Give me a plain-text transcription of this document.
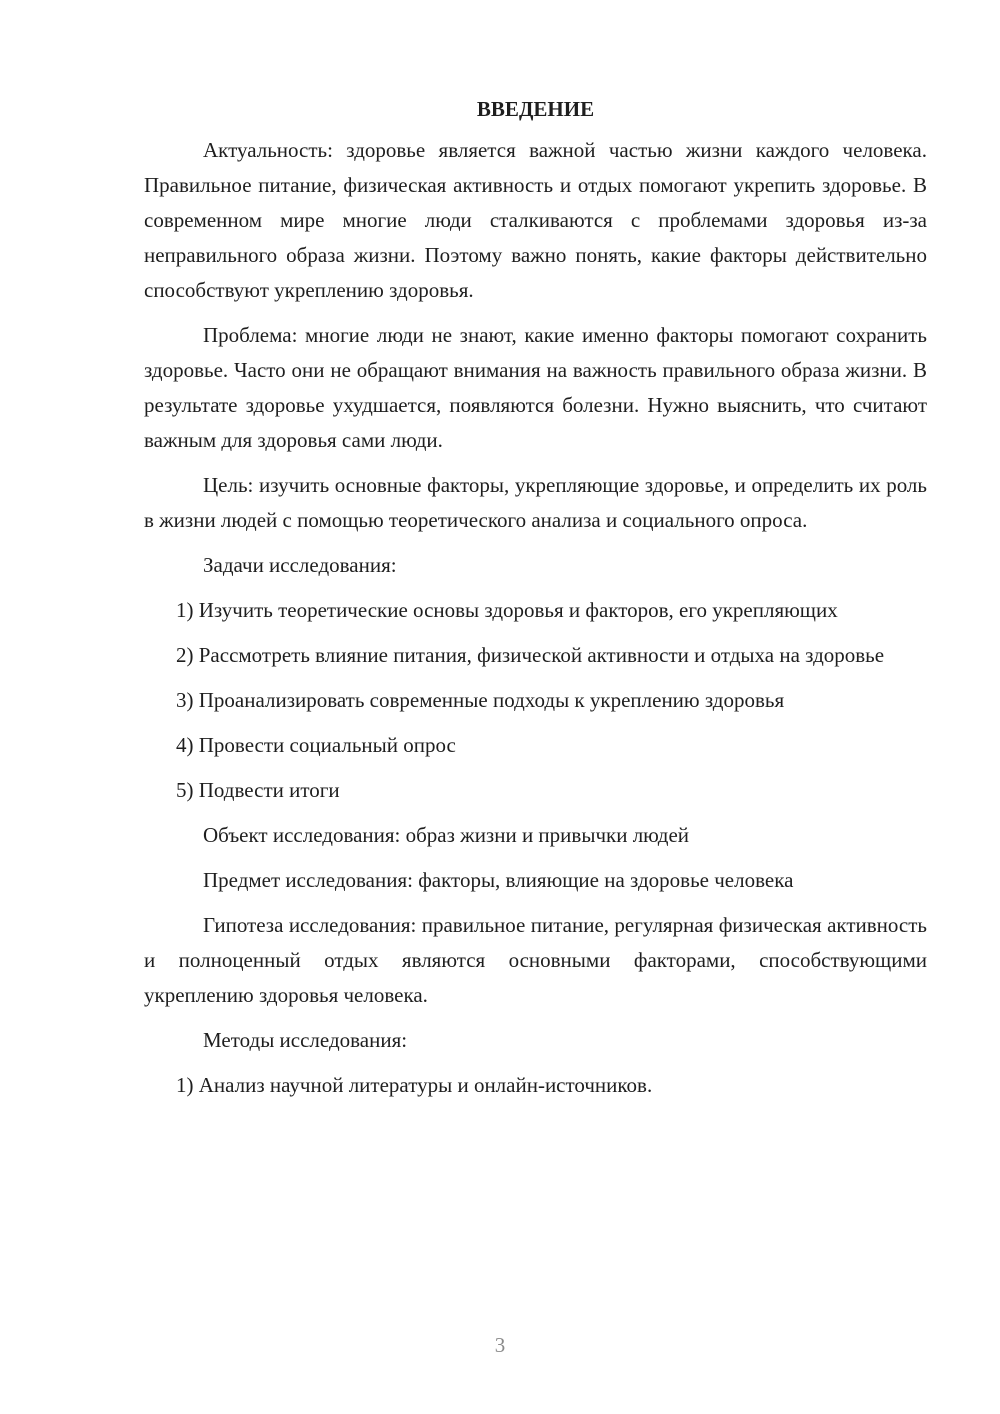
ВВЕДЕНИЕ

Актуальность: здоровье является важной частью жизни каждого человека. Правильное питание, физическая активность и отдых помогают укрепить здоровье. В современном мире многие люди сталкиваются с проблемами здоровья из-за неправильного образа жизни. Поэтому важно понять, какие факторы действительно способствуют укреплению здоровья.

Проблема: многие люди не знают, какие именно факторы помогают сохранить здоровье. Часто они не обращают внимания на важность правильного образа жизни. В результате здоровье ухудшается, появляются болезни. Нужно выяснить, что считают важным для здоровья сами люди.

Цель: изучить основные факторы, укрепляющие здоровье, и определить их роль в жизни людей с помощью теоретического анализа и социального опроса.

Задачи исследования:

1) Изучить теоретические основы здоровья и факторов, его укрепляющих

2) Рассмотреть влияние питания, физической активности и отдыха на здоровье

3) Проанализировать современные подходы к укреплению здоровья

4) Провести социальный опрос

5) Подвести итоги

Объект исследования: образ жизни и привычки людей

Предмет исследования: факторы, влияющие на здоровье человека

Гипотеза исследования: правильное питание, регулярная физическая активность и полноценный отдых являются основными факторами, способствующими укреплению здоровья человека.

Методы исследования:

1) Анализ научной литературы и онлайн-источников.

3
